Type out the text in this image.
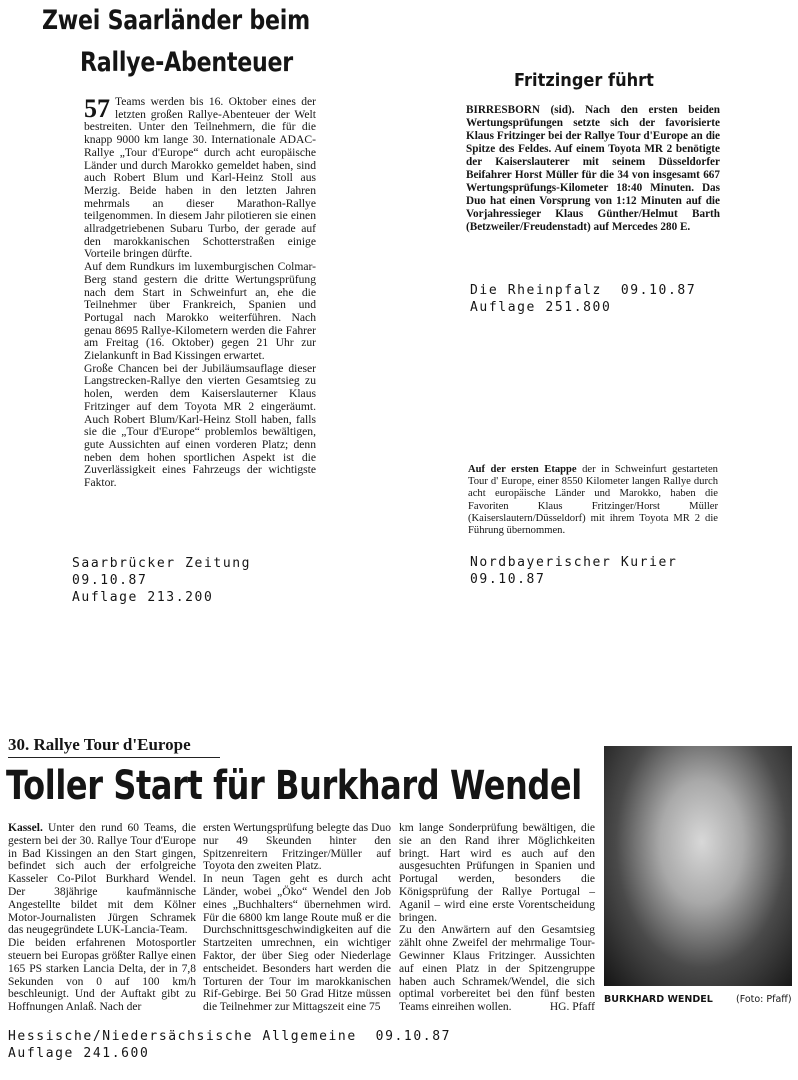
Zwei Saarländer beim
Rallye-Abenteuer
57 Teams werden bis 16. Oktober eines der letzten großen Rallye-Abenteuer der Welt bestreiten. Unter den Teilnehmern, die für die knapp 9000 km lange 30. Internationale ADAC-Rallye „Tour d'Europe“ durch acht europäische Länder und durch Marokko gemeldet haben, sind auch Robert Blum und Karl-Heinz Stoll aus Merzig. Beide haben in den letzten Jahren mehrmals an dieser Marathon-Rallye teilgenommen. In diesem Jahr pilotieren sie einen allradgetriebenen Subaru Turbo, der gerade auf den marokkanischen Schotterstraßen einige Vorteile bringen dürfte.
Auf dem Rundkurs im luxemburgischen Colmar-Berg stand gestern die dritte Wertungsprüfung nach dem Start in Schweinfurt an, ehe die Teilnehmer über Frankreich, Spanien und Portugal nach Marokko weiterführen. Nach genau 8695 Rallye-Kilometern werden die Fahrer am Freitag (16. Oktober) gegen 21 Uhr zur Zielankunft in Bad Kissingen erwartet.
Große Chancen bei der Jubiläumsauflage dieser Langstrecken-Rallye den vierten Gesamtsieg zu holen, werden dem Kaiserslauterner Klaus Fritzinger auf dem Toyota MR 2 eingeräumt. Auch Robert Blum/Karl-Heinz Stoll haben, falls sie die „Tour d'Europe“ problemlos bewältigen, gute Aussichten auf einen vorderen Platz; denn neben dem hohen sportlichen Aspekt ist die Zuverlässigkeit eines Fahrzeugs der wichtigste Faktor.
Saarbrücker Zeitung
09.10.87
Auflage 213.200
Fritzinger führt
BIRRESBORN (sid). Nach den ersten beiden Wertungsprüfungen setzte sich der favorisierte Klaus Fritzinger bei der Rallye Tour d'Europe an die Spitze des Feldes. Auf einem Toyota MR 2 benötigte der Kaiserslauterer mit seinem Düsseldorfer Beifahrer Horst Müller für die 34 von insgesamt 667 Wertungsprüfungs-Kilometer 18:40 Minuten. Das Duo hat einen Vorsprung von 1:12 Minuten auf die Vorjahressieger Klaus Günther/Helmut Barth (Betzweiler/Freudenstadt) auf Mercedes 280 E.
Die Rheinpfalz  09.10.87
Auflage 251.800
Auf der ersten Etappe der in Schweinfurt gestarteten Tour d' Europe, einer 8550 Kilometer langen Rallye durch acht europäische Länder und Marokko, haben die Favoriten Klaus Fritzinger/Horst Müller (Kaiserslautern/Düsseldorf) mit ihrem Toyota MR 2 die Führung übernommen.
Nordbayerischer Kurier
09.10.87
30. Rallye Tour d'Europe
Toller Start für Burkhard Wendel
Kassel. Unter den rund 60 Teams, die gestern bei der 30. Rallye Tour d'Europe in Bad Kissingen an den Start gingen, befindet sich auch der erfolgreiche Kasseler Co-Pilot Burkhard Wendel. Der 38jährige kaufmännische Angestellte bildet mit dem Kölner Motor-Journalisten Jürgen Schramek das neugegründete LUK-Lancia-Team.
Die beiden erfahrenen Motosportler steuern bei Europas größter Rallye einen 165 PS starken Lancia Delta, der in 7,8 Sekunden von 0 auf 100 km/h beschleunigt. Und der Auftakt gibt zu Hoffnungen Anlaß. Nach der
ersten Wertungsprüfung belegte das Duo nur 49 Skeunden hinter den Spitzenreitern Fritzinger/Müller auf Toyota den zweiten Platz.
In neun Tagen geht es durch acht Länder, wobei „Öko“ Wendel den Job eines „Buchhalters“ übernehmen wird. Für die 6800 km lange Route muß er die Durchschnittsgeschwindigkeiten auf die Startzeiten umrechnen, ein wichtiger Faktor, der über Sieg oder Niederlage entscheidet. Besonders hart werden die Torturen der Tour im marokkanischen Rif-Gebirge. Bei 50 Grad Hitze müssen die Teilnehmer zur Mittagszeit eine 75
km lange Sonderprüfung bewältigen, die sie an den Rand ihrer Möglichkeiten bringt. Hart wird es auch auf den ausgesuchten Prüfungen in Spanien und Portugal werden, besonders die Königsprüfung der Rallye Portugal – Aganil – wird eine erste Vorentscheidung bringen.
Zu den Anwärtern auf den Gesamtsieg zählt ohne Zweifel der mehrmalige Tour-Gewinner Klaus Fritzinger. Aussichten auf einen Platz in der Spitzengruppe haben auch Schramek/Wendel, die sich optimal vorbereitet bei den fünf besten Teams einreihen wollen.	HG. Pfaff
BURKHARD WENDEL (Foto: Pfaff)
Hessische/Niedersächsische Allgemeine  09.10.87
Auflage 241.600
